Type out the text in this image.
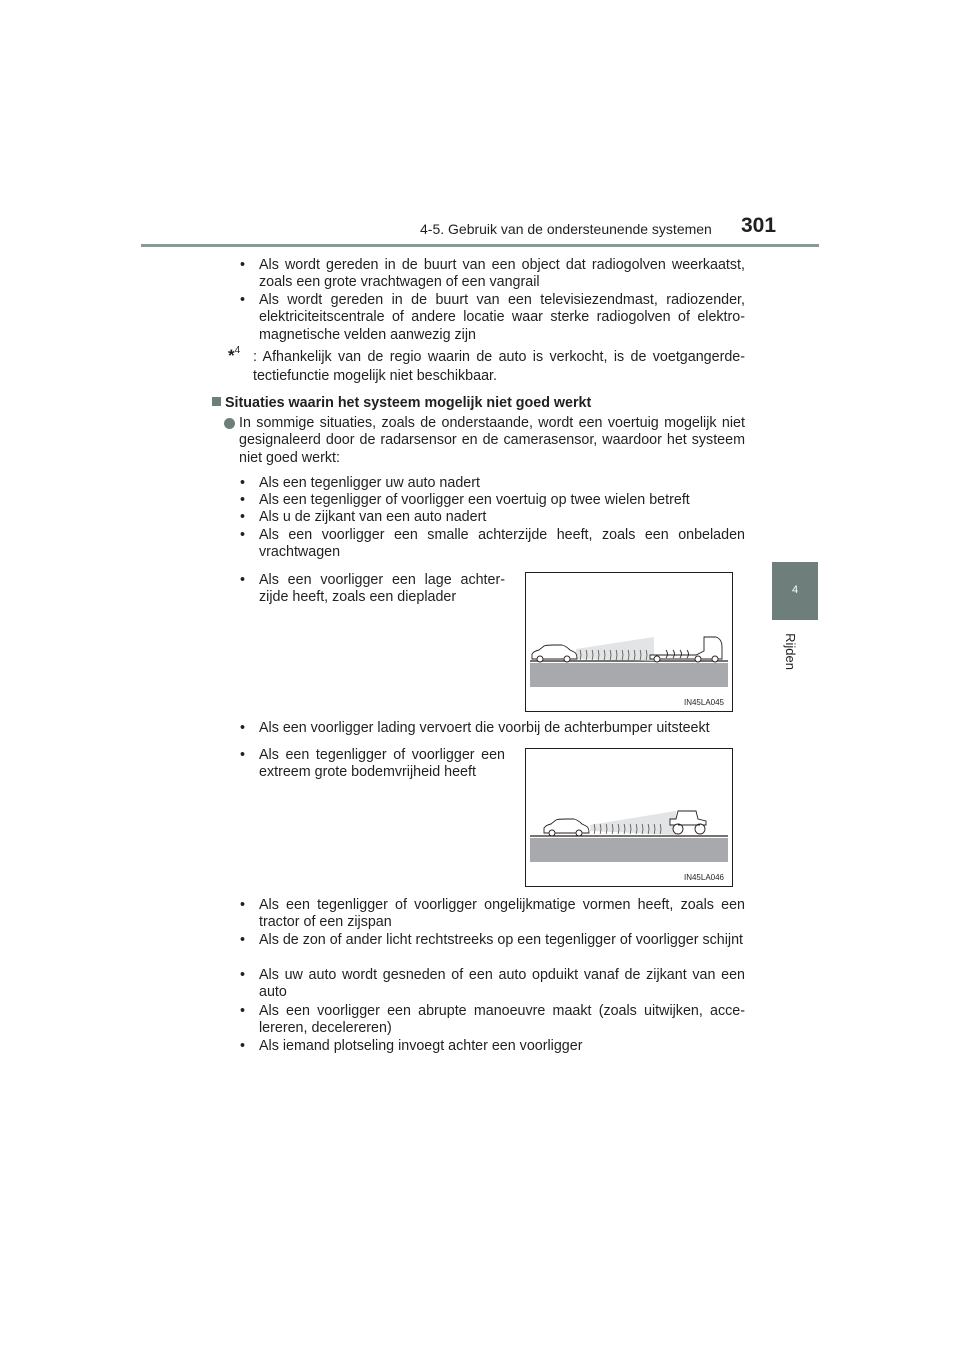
4-5. Gebruik van de ondersteunende systemen 301
4
Rijden
• Als wordt gereden in de buurt van een object dat radiogolven weerkaatst, zoals een grote vrachtwagen of een vangrail
• Als wordt gereden in de buurt van een televisiezendmast, radiozender, elektriciteitscentrale of andere locatie waar sterke radiogolven of elektro-magnetische velden aanwezig zijn
*$^4$ : Afhankelijk van de regio waarin de auto is verkocht, is de voetgangerde-tectiefunctie mogelijk niet beschikbaar.
Situaties waarin het systeem mogelijk niet goed werkt
In sommige situaties, zoals de onderstaande, wordt een voertuig mogelijk niet gesignaleerd door de radarsensor en de camerasensor, waardoor het systeem niet goed werkt:
• Als een tegenligger uw auto nadert
• Als een tegenligger of voorligger een voertuig op twee wielen betreft
• Als u de zijkant van een auto nadert
• Als een voorligger een smalle achterzijde heeft, zoals een onbeladen vrachtwagen
• Als een voorligger een lage achter-zijde heeft, zoals een dieplader
IN45LA045
• Als een voorligger lading vervoert die voorbij de achterbumper uitsteekt
• Als een tegenligger of voorligger een extreem grote bodemvrijheid heeft
IN45LA046
• Als een tegenligger of voorligger ongelijkmatige vormen heeft, zoals een tractor of een zijspan
• Als de zon of ander licht rechtstreeks op een tegenligger of voorligger schijnt
• Als uw auto wordt gesneden of een auto opduikt vanaf de zijkant van een auto
• Als een voorligger een abrupte manoeuvre maakt (zoals uitwijken, acce-lereren, decelereren)
• Als iemand plotseling invoegt achter een voorligger
